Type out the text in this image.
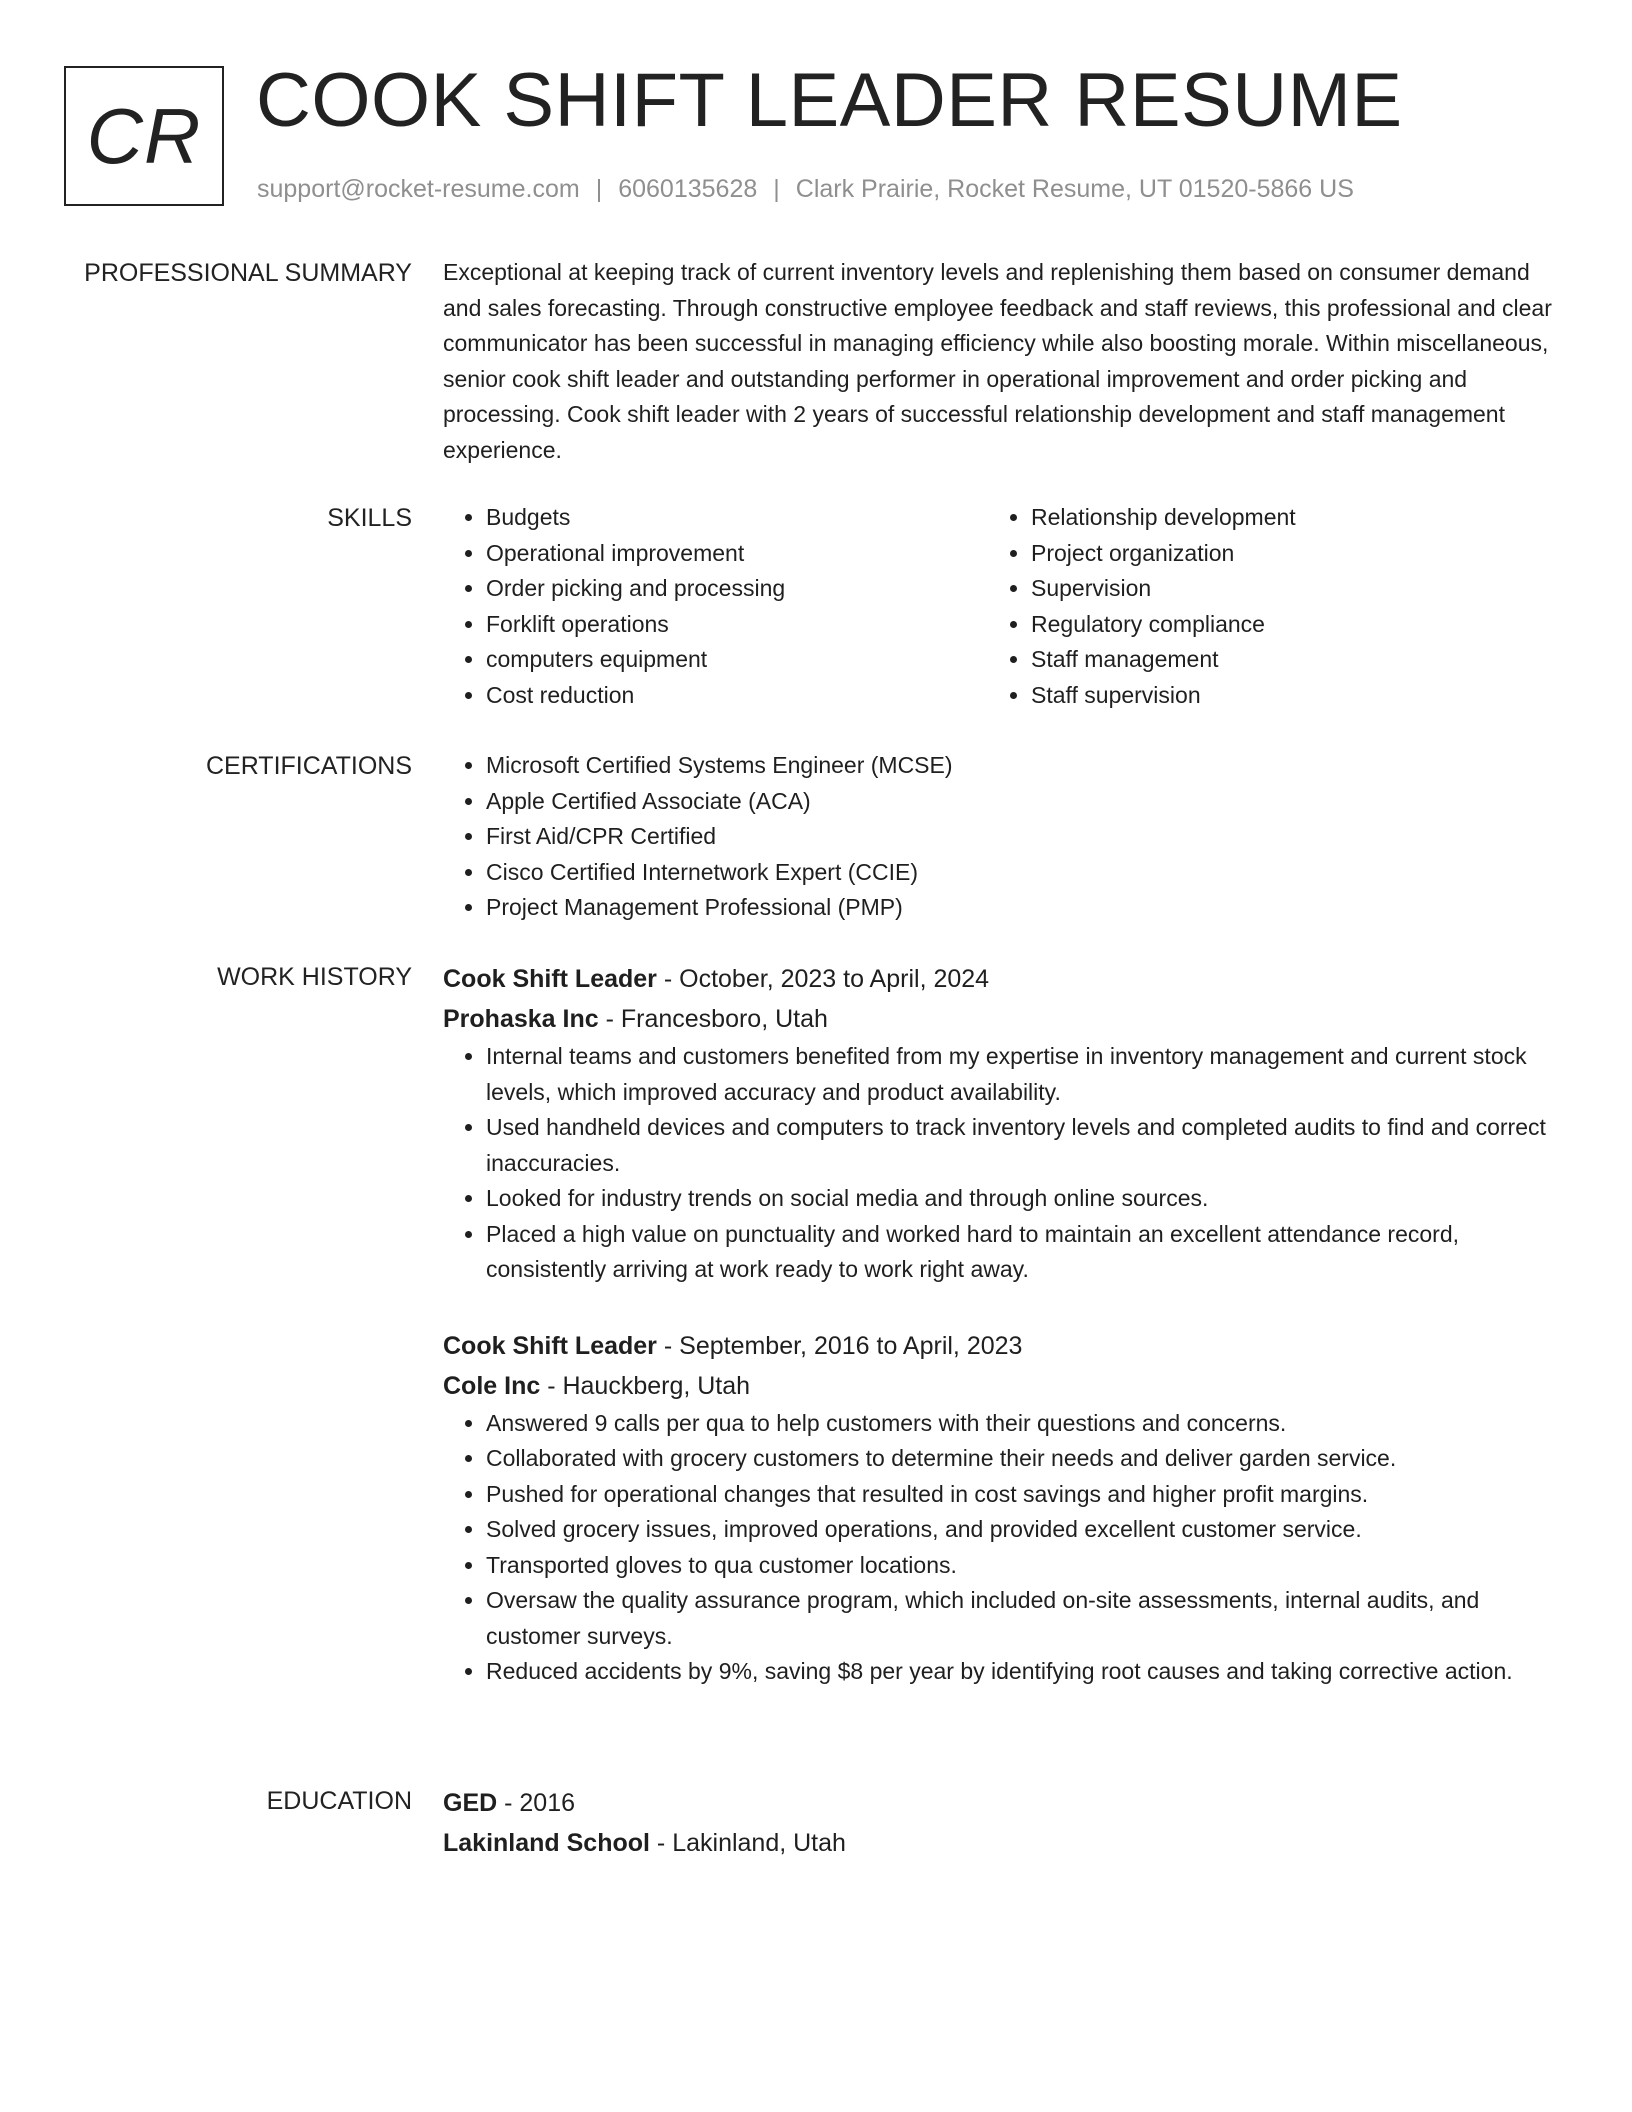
CR COOK SHIFT LEADER RESUME
support@rocket-resume.com | 6060135628 | Clark Prairie, Rocket Resume, UT 01520-5866 US
PROFESSIONAL SUMMARY Exceptional at keeping track of current inventory levels and replenishing them based on consumer demand and sales forecasting. Through constructive employee feedback and staff reviews, this professional and clear communicator has been successful in managing efficiency while also boosting morale. Within miscellaneous, senior cook shift leader and outstanding performer in operational improvement and order picking and processing. Cook shift leader with 2 years of successful relationship development and staff management experience.

SKILLS	• Budgets
• Operational improvement
• Order picking and processing
• Forklift operations
• computers equipment
• Cost reduction
• Relationship development
• Project organization
• Supervision
• Regulatory compliance
• Staff management
• Staff supervision
CERTIFICATIONS	• Microsoft Certified Systems Engineer (MCSE)
• Apple Certified Associate (ACA)
• First Aid/CPR Certified
• Cisco Certified Internetwork Expert (CCIE)
• Project Management Professional (PMP)
WORK HISTORY Cook Shift Leader - October, 2023 to April, 2024
Prohaska Inc - Francesboro, Utah
• Internal teams and customers benefited from my expertise in inventory management and current stock levels, which improved accuracy and product availability.
• Used handheld devices and computers to track inventory levels and completed audits to find and correct inaccuracies.
• Looked for industry trends on social media and through online sources.
• Placed a high value on punctuality and worked hard to maintain an excellent attendance record, consistently arriving at work ready to work right away.
Cook Shift Leader - September, 2016 to April, 2023
Cole Inc - Hauckberg, Utah
• Answered 9 calls per qua to help customers with their questions and concerns.
• Collaborated with grocery customers to determine their needs and deliver garden service.
• Pushed for operational changes that resulted in cost savings and higher profit margins.
• Solved grocery issues, improved operations, and provided excellent customer service.
• Transported gloves to qua customer locations.
• Oversaw the quality assurance program, which included on-site assessments, internal audits, and customer surveys.
• Reduced accidents by 9%, saving $8 per year by identifying root causes and taking corrective action.
EDUCATION GED - 2016
Lakinland School - Lakinland, Utah
